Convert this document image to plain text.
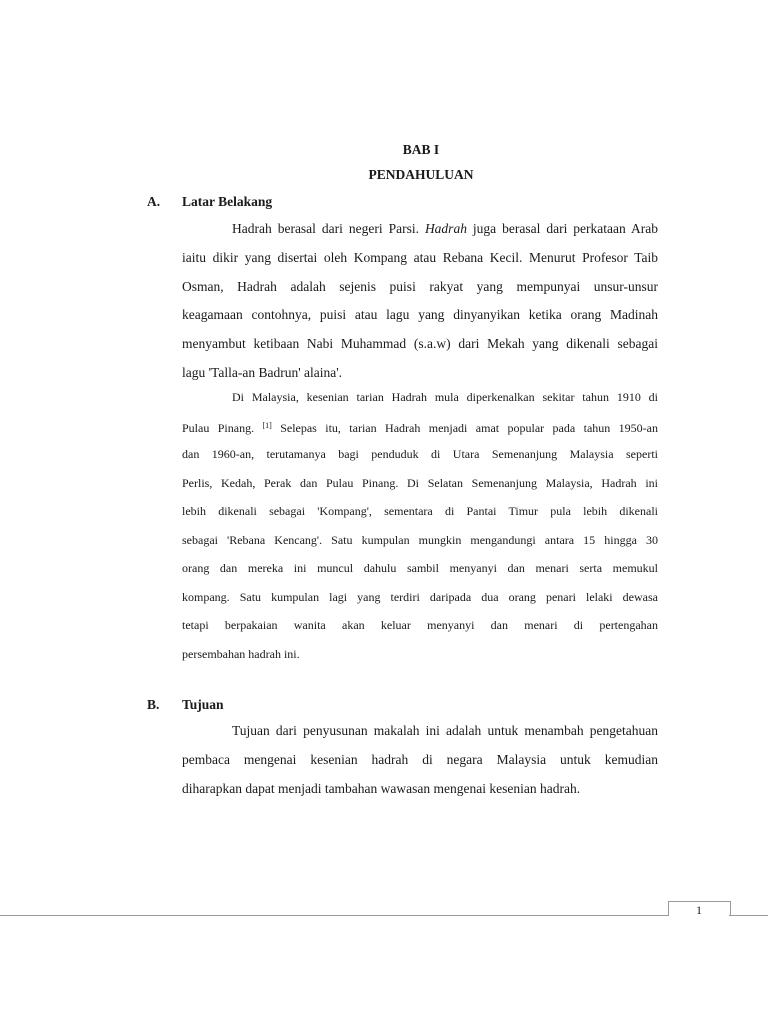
BAB I
PENDAHULUAN
A. Latar Belakang
Hadrah berasal dari negeri Parsi. Hadrah juga berasal dari perkataan Arab
iaitu dikir yang disertai oleh Kompang atau Rebana Kecil. Menurut Profesor Taib
Osman, Hadrah adalah sejenis puisi rakyat yang mempunyai unsur-unsur
keagamaan contohnya, puisi atau lagu yang dinyanyikan ketika orang Madinah
menyambut ketibaan Nabi Muhammad (s.a.w) dari Mekah yang dikenali sebagai
lagu 'Talla-an Badrun' alaina'.
Di Malaysia, kesenian tarian Hadrah mula diperkenalkan sekitar tahun 1910 di
Pulau Pinang. [1] Selepas itu, tarian Hadrah menjadi amat popular pada tahun 1950-an
dan 1960-an, terutamanya bagi penduduk di Utara Semenanjung Malaysia seperti
Perlis, Kedah, Perak dan Pulau Pinang. Di Selatan Semenanjung Malaysia, Hadrah ini
lebih dikenali sebagai 'Kompang', sementara di Pantai Timur pula lebih dikenali
sebagai 'Rebana Kencang'. Satu kumpulan mungkin mengandungi antara 15 hingga 30
orang dan mereka ini muncul dahulu sambil menyanyi dan menari serta memukul
kompang. Satu kumpulan lagi yang terdiri daripada dua orang penari lelaki dewasa
tetapi berpakaian wanita akan keluar menyanyi dan menari di pertengahan
persembahan hadrah ini.
B. Tujuan
Tujuan dari penyusunan makalah ini adalah untuk menambah pengetahuan
pembaca mengenai kesenian hadrah di negara Malaysia untuk kemudian
diharapkan dapat menjadi tambahan wawasan mengenai kesenian hadrah.
1
